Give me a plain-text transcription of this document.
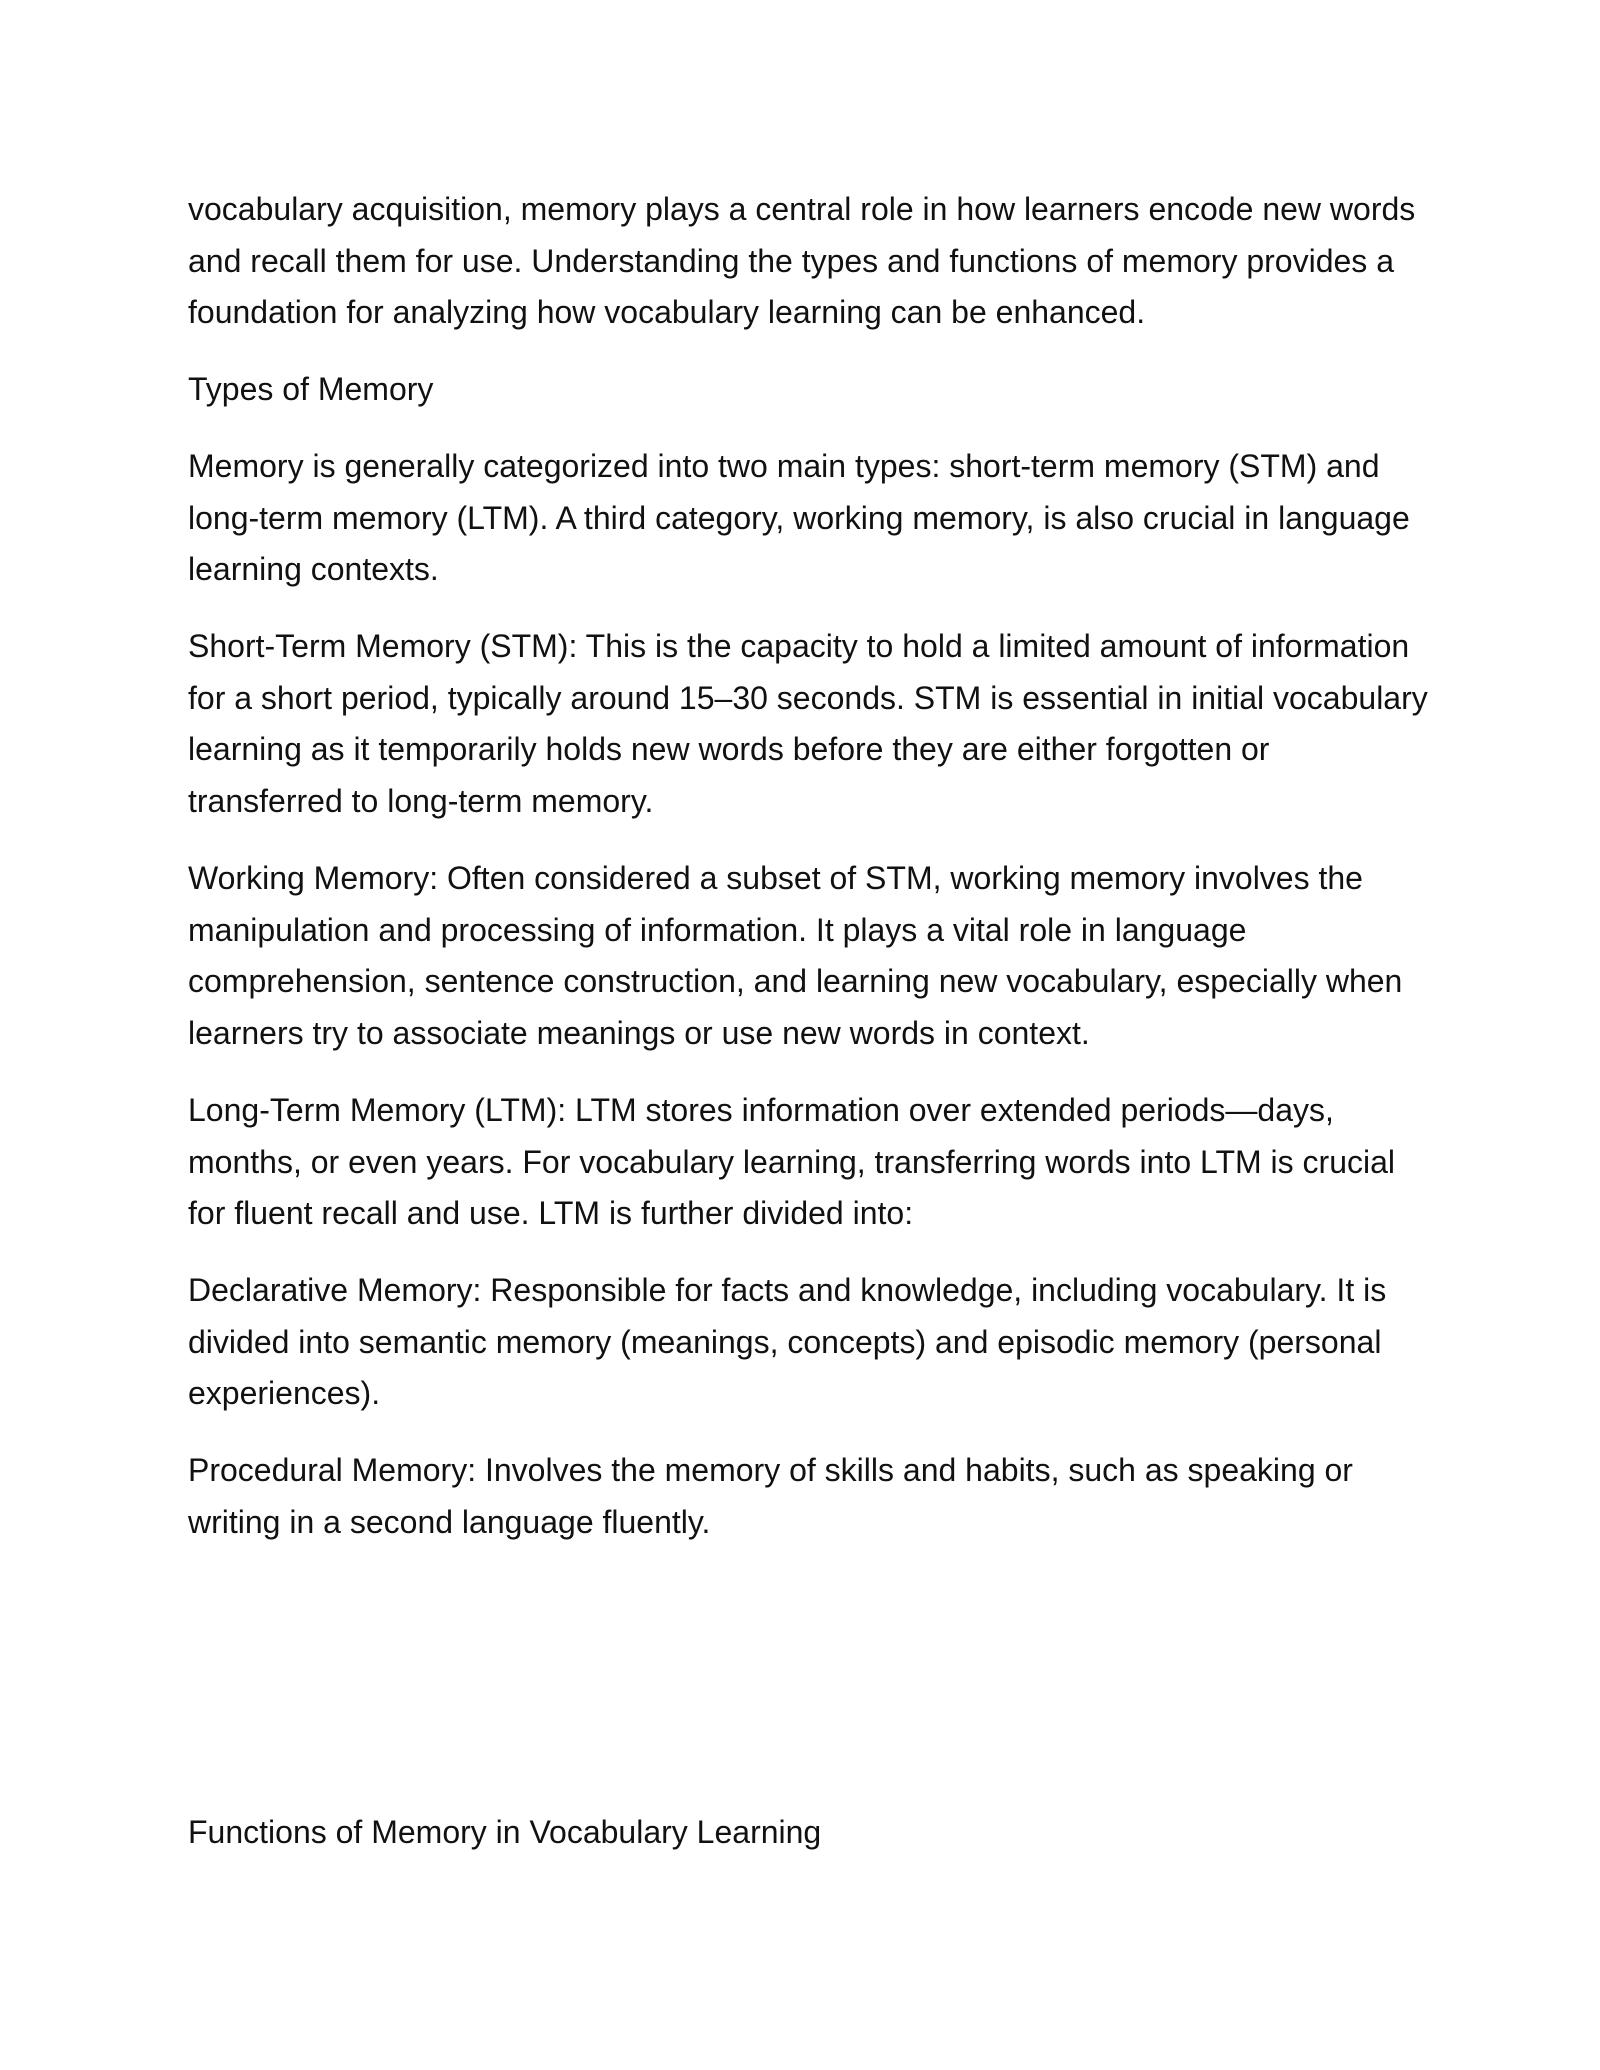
vocabulary acquisition, memory plays a central role in how learners encode new words and recall them for use. Understanding the types and functions of memory provides a foundation for analyzing how vocabulary learning can be enhanced.

Types of Memory

Memory is generally categorized into two main types: short-term memory (STM) and long-term memory (LTM). A third category, working memory, is also crucial in language learning contexts.

Short-Term Memory (STM): This is the capacity to hold a limited amount of information for a short period, typically around 15–30 seconds. STM is essential in initial vocabulary learning as it temporarily holds new words before they are either forgotten or transferred to long-term memory.

Working Memory: Often considered a subset of STM, working memory involves the manipulation and processing of information. It plays a vital role in language comprehension, sentence construction, and learning new vocabulary, especially when learners try to associate meanings or use new words in context.

Long-Term Memory (LTM): LTM stores information over extended periods—days, months, or even years. For vocabulary learning, transferring words into LTM is crucial for fluent recall and use. LTM is further divided into:

Declarative Memory: Responsible for facts and knowledge, including vocabulary. It is divided into semantic memory (meanings, concepts) and episodic memory (personal experiences).

Procedural Memory: Involves the memory of skills and habits, such as speaking or writing in a second language fluently.

Functions of Memory in Vocabulary Learning
